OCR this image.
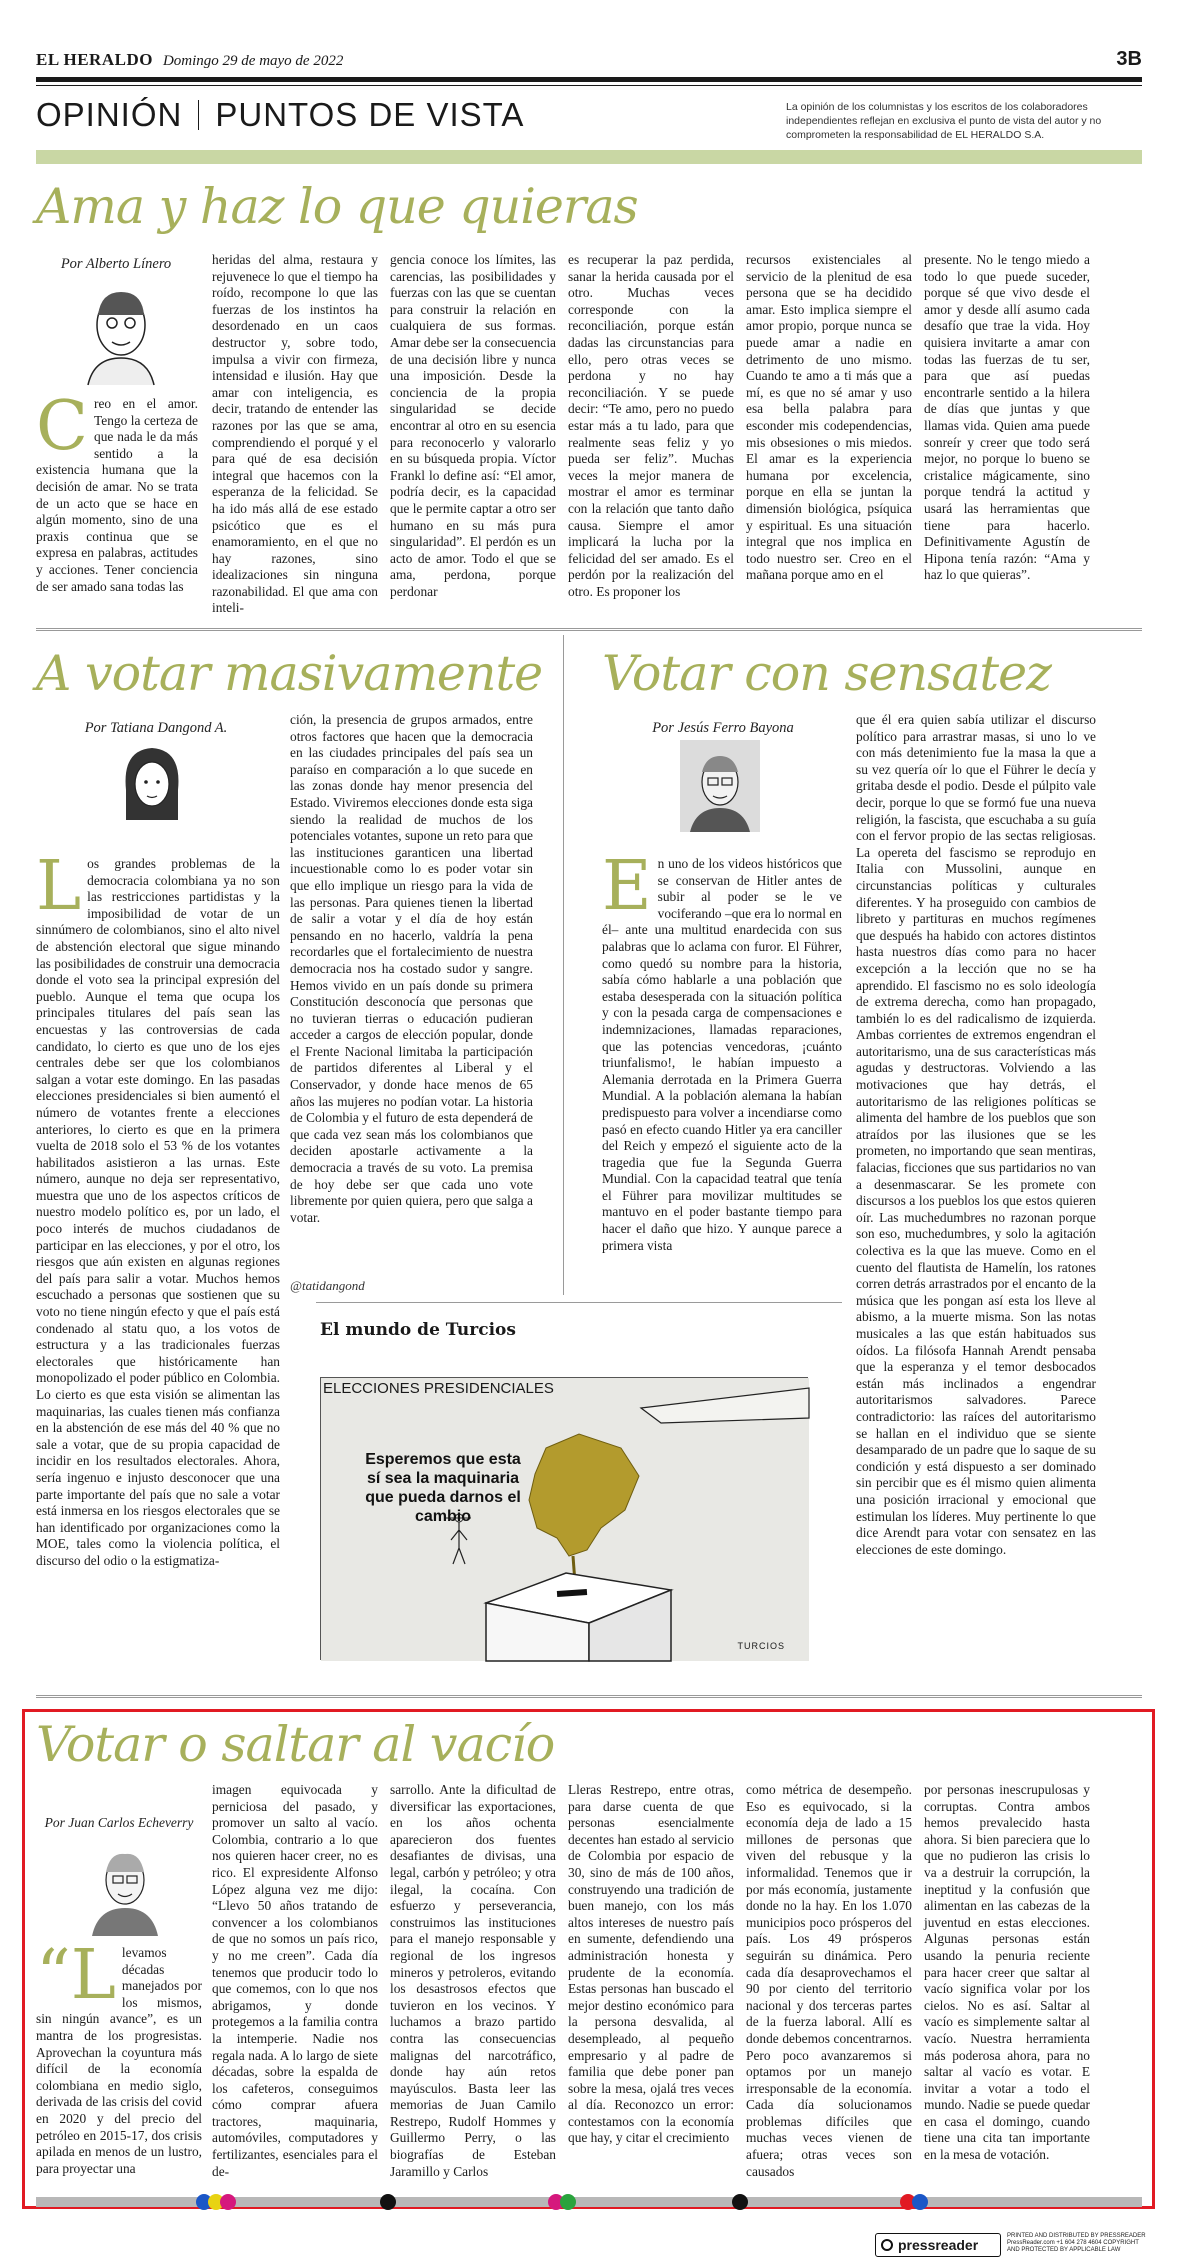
EL HERALDO Domingo 29 de mayo de 2022	3B
OPINIÓN PUNTOS DE VISTA	La opinión de los columnistas y los escritos de los colaboradores independientes reflejan en exclusiva el punto de vista del autor y no comprometen la responsabilidad de EL HERALDO S.A.
Ama y haz lo que quieras
Por Alberto Línero
Creo en el amor. Tengo la certeza de que nada le da más sentido a la existencia humana que la decisión de amar. No se trata de un acto que se hace en algún momento, sino de una praxis continua que se expresa en palabras, actitudes y acciones. Tener conciencia de ser amado sana todas las
heridas del alma, restaura y rejuvenece lo que el tiempo ha roído, recompone lo que las fuerzas de los instintos ha desordenado en un caos destructor y, sobre todo, impulsa a vivir con firmeza, intensidad e ilusión. Hay que amar con inteligencia, es decir, tratando de entender las razones por las que se ama, comprendiendo el porqué y el para qué de esa decisión integral que hacemos con la esperanza de la felicidad. Se ha ido más allá de ese estado psicótico que es el enamoramiento, en el que no hay razones, sino idealizaciones sin ninguna razonabilidad. El que ama con inteli-
gencia conoce los límites, las carencias, las posibilidades y fuerzas con las que se cuentan para construir la relación en cualquiera de sus formas. Amar debe ser la consecuencia de una decisión libre y nunca una imposición. Desde la conciencia de la propia singularidad se decide encontrar al otro en su esencia para reconocerlo y valorarlo en su búsqueda propia. Víctor Frankl lo define así: “El amor, podría decir, es la capacidad que le permite captar a otro ser humano en su más pura singularidad”. El perdón es un acto de amor. Todo el que se ama, perdona, porque perdonar
es recuperar la paz perdida, sanar la herida causada por el otro. Muchas veces corresponde con la reconciliación, porque están dadas las circunstancias para ello, pero otras veces se perdona y no hay reconciliación. Y se puede decir: “Te amo, pero no puedo estar más a tu lado, para que realmente seas feliz y yo pueda ser feliz”. Muchas veces la mejor manera de mostrar el amor es terminar con la relación que tanto daño causa. Siempre el amor implicará la lucha por la felicidad del ser amado. Es el perdón por la realización del otro. Es proponer los
recursos existenciales al servicio de la plenitud de esa persona que se ha decidido amar. Esto implica siempre el amor propio, porque nunca se puede amar a nadie en detrimento de uno mismo. Cuando te amo a ti más que a mí, es que no sé amar y uso esa bella palabra para esconder mis codependencias, mis obsesiones o mis miedos. El amar es la experiencia humana por excelencia, porque en ella se juntan la dimensión biológica, psíquica y espiritual. Es una situación integral que nos implica en todo nuestro ser. Creo en el mañana porque amo en el
presente. No le tengo miedo a todo lo que puede suceder, porque sé que vivo desde el amor y desde allí asumo cada desafío que trae la vida. Hoy quisiera invitarte a amar con todas las fuerzas de tu ser, para que así puedas encontrarle sentido a la hilera de días que juntas y que llamas vida. Quien ama puede sonreír y creer que todo será mejor, no porque lo bueno se cristalice mágicamente, sino porque tendrá la actitud y usará las herramientas que tiene para hacerlo. Definitivamente Agustín de Hipona tenía razón: “Ama y haz lo que quieras”.
A votar masivamente
Por Tatiana Dangond A.
Los grandes problemas de la democracia colombiana ya no son las restricciones partidistas y la imposibilidad de votar de un sinnúmero de colombianos, sino el alto nivel de abstención electoral que sigue minando las posibilidades de construir una democracia donde el voto sea la principal expresión del pueblo. Aunque el tema que ocupa los principales titulares del país sean las encuestas y las controversias de cada candidato, lo cierto es que uno de los ejes centrales debe ser que los colombianos salgan a votar este domingo. En las pasadas elecciones presidenciales si bien aumentó el número de votantes frente a elecciones anteriores, lo cierto es que en la primera vuelta de 2018 solo el 53 % de los votantes habilitados asistieron a las urnas. Este número, aunque no deja ser representativo, muestra que uno de los aspectos críticos de nuestro modelo político es, por un lado, el poco interés de muchos ciudadanos de participar en las elecciones, y por el otro, los riesgos que aún existen en algunas regiones del país para salir a votar. Muchos hemos escuchado a personas que sostienen que su voto no tiene ningún efecto y que el país está condenado al statu quo, a los votos de estructura y a las tradicionales fuerzas electorales que históricamente han monopolizado el poder público en Colombia. Lo cierto es que esta visión se alimentan las maquinarias, las cuales tienen más confianza en la abstención de ese más del 40 % que no sale a votar, que de su propia capacidad de incidir en los resultados electorales. Ahora, sería ingenuo e injusto desconocer que una parte importante del país que no sale a votar está inmersa en los riesgos electorales que se han identificado por organizaciones como la MOE, tales como la violencia política, el discurso del odio o la estigmatiza-
ción, la presencia de grupos armados, entre otros factores que hacen que la democracia en las ciudades principales del país sea un paraíso en comparación a lo que sucede en las zonas donde hay menor presencia del Estado. Viviremos elecciones donde esta siga siendo la realidad de muchos de los potenciales votantes, supone un reto para que las instituciones garanticen una libertad incuestionable como lo es poder votar sin que ello implique un riesgo para la vida de las personas. Para quienes tienen la libertad de salir a votar y el día de hoy están pensando en no hacerlo, valdría la pena recordarles que el fortalecimiento de nuestra democracia nos ha costado sudor y sangre. Hemos vivido en un país donde su primera Constitución desconocía que personas que no tuvieran tierras o educación pudieran acceder a cargos de elección popular, donde el Frente Nacional limitaba la participación de partidos diferentes al Liberal y el Conservador, y donde hace menos de 65 años las mujeres no podían votar. La historia de Colombia y el futuro de esta dependerá de que cada vez sean más los colombianos que deciden apostarle activamente a la democracia a través de su voto. La premisa de hoy debe ser que cada uno vote libremente por quien quiera, pero que salga a votar.
@tatidangond
Votar con sensatez
Por Jesús Ferro Bayona
En uno de los videos históricos que se conservan de Hitler antes de subir al poder se le ve vociferando –que era lo normal en él– ante una multitud enardecida con sus palabras que lo aclama con furor. El Führer, como quedó su nombre para la historia, sabía cómo hablarle a una población que estaba desesperada con la situación política y con la pesada carga de compensaciones e indemnizaciones, llamadas reparaciones, que las potencias vencedoras, ¡cuánto triunfalismo!, le habían impuesto a Alemania derrotada en la Primera Guerra Mundial. A la población alemana la habían predispuesto para volver a incendiarse como pasó en efecto cuando Hitler ya era canciller del Reich y empezó el siguiente acto de la tragedia que fue la Segunda Guerra Mundial. Con la capacidad teatral que tenía el Führer para movilizar multitudes se mantuvo en el poder bastante tiempo para hacer el daño que hizo. Y aunque parece a primera vista
que él era quien sabía utilizar el discurso político para arrastrar masas, si uno lo ve con más detenimiento fue la masa la que a su vez quería oír lo que el Führer le decía y gritaba desde el podio. Desde el púlpito vale decir, porque lo que se formó fue una nueva religión, la fascista, que escuchaba a su guía con el fervor propio de las sectas religiosas. La opereta del fascismo se reprodujo en Italia con Mussolini, aunque en circunstancias políticas y culturales diferentes. Y ha proseguido con cambios de libreto y partituras en muchos regímenes que después ha habido con actores distintos hasta nuestros días como para no hacer excepción a la lección que no se ha aprendido. El fascismo no es solo ideología de extrema derecha, como han propagado, también lo es del radicalismo de izquierda. Ambas corrientes de extremos engendran el autoritarismo, una de sus características más agudas y destructoras. Volviendo a las motivaciones que hay detrás, el autoritarismo de las religiones políticas se alimenta del hambre de los pueblos que son atraídos por las ilusiones que se les prometen, no importando que sean mentiras, falacias, ficciones que sus partidarios no van a desenmascarar. Se les promete con discursos a los pueblos los que estos quieren oír. Las muchedumbres no razonan porque son eso, muchedumbres, y solo la agitación colectiva es la que las mueve. Como en el cuento del flautista de Hamelín, los ratones corren detrás arrastrados por el encanto de la música que les pongan así esta los lleve al abismo, a la muerte misma. Son las notas musicales a las que están habituados sus oídos. La filósofa Hannah Arendt pensaba que la esperanza y el temor desbocados están más inclinados a engendrar autoritarismos salvadores. Parece contradictorio: las raíces del autoritarismo se hallan en el individuo que se siente desamparado de un padre que lo saque de su condición y está dispuesto a ser dominado sin percibir que es él mismo quien alimenta una posición irracional y emocional que estimulan los líderes. Muy pertinente lo que dice Arendt para votar con sensatez en las elecciones de este domingo.
El mundo de Turcios
ELECCIONES PRESIDENCIALES
Esperemos que esta sí sea la maquinaria que pueda darnos el cambio
TURCIOS
Votar o saltar al vacío
Por Juan Carlos Echeverry
“Llevamos décadas manejados por los mismos, sin ningún avance”, es un mantra de los progresistas. Aprovechan la coyuntura más difícil de la economía colombiana en medio siglo, derivada de las crisis del covid en 2020 y del precio del petróleo en 2015-17, dos crisis apilada en menos de un lustro, para proyectar una
imagen equivocada y perniciosa del pasado, y promover un salto al vacío. Colombia, contrario a lo que nos quieren hacer creer, no es rico. El expresidente Alfonso López alguna vez me dijo: “Llevo 50 años tratando de convencer a los colombianos de que no somos un país rico, y no me creen”. Cada día tenemos que producir todo lo que comemos, con lo que nos abrigamos, y donde protegemos a la familia contra la intemperie. Nadie nos regala nada. A lo largo de siete décadas, sobre la espalda de los cafeteros, conseguimos cómo comprar afuera tractores, maquinaria, automóviles, computadores y fertilizantes, esenciales para el de-
sarrollo. Ante la dificultad de diversificar las exportaciones, en los años ochenta aparecieron dos fuentes desafiantes de divisas, una legal, carbón y petróleo; y otra ilegal, la cocaína. Con esfuerzo y perseverancia, construimos las instituciones para el manejo responsable y regional de los ingresos mineros y petroleros, evitando los desastrosos efectos que tuvieron en los vecinos. Y luchamos a brazo partido contra las consecuencias malignas del narcotráfico, donde hay aún retos mayúsculos. Basta leer las memorias de Juan Camilo Restrepo, Rudolf Hommes y Guillermo Perry, o las biografías de Esteban Jaramillo y Carlos
Lleras Restrepo, entre otras, para darse cuenta de que personas esencialmente decentes han estado al servicio de Colombia por espacio de 30, sino de más de 100 años, construyendo una tradición de buen manejo, con los más altos intereses de nuestro país en sumente, defendiendo una administración honesta y prudente de la economía. Estas personas han buscado el mejor destino económico para la persona desvalida, al desempleado, al pequeño empresario y al padre de familia que debe poner pan sobre la mesa, ojalá tres veces al día. Reconozco un error: contestamos con la economía que hay, y citar el crecimiento
como métrica de desempeño. Eso es equivocado, si la economía deja de lado a 15 millones de personas que viven del rebusque y la informalidad. Tenemos que ir por más economía, justamente donde no la hay. En los 1.070 municipios poco prósperos del país. Los 49 prósperos seguirán su dinámica. Pero cada día desaprovechamos el 90 por ciento del territorio nacional y dos terceras partes de la fuerza laboral. Allí es donde debemos concentrarnos. Pero poco avanzaremos si optamos por un manejo irresponsable de la economía. Cada día solucionamos problemas difíciles que muchas veces vienen de afuera; otras veces son causados
por personas inescrupulosas y corruptas. Contra ambos hemos prevalecido hasta ahora. Si bien pareciera que lo que no pudieron las crisis lo va a destruir la corrupción, la ineptitud y la confusión que alimentan en las cabezas de la juventud en estas elecciones. Algunas personas están usando la penuria reciente para hacer creer que saltar al vacío significa volar por los cielos. No es así. Saltar al vacío es simplemente saltar al vacío. Nuestra herramienta más poderosa ahora, para no saltar al vacío es votar. E invitar a votar a todo el mundo. Nadie se puede quedar en casa el domingo, cuando tiene una cita tan importante en la mesa de votación.
pressreader
PRINTED AND DISTRIBUTED BY PRESSREADER PressReader.com +1 604 278 4604 COPYRIGHT AND PROTECTED BY APPLICABLE LAW
